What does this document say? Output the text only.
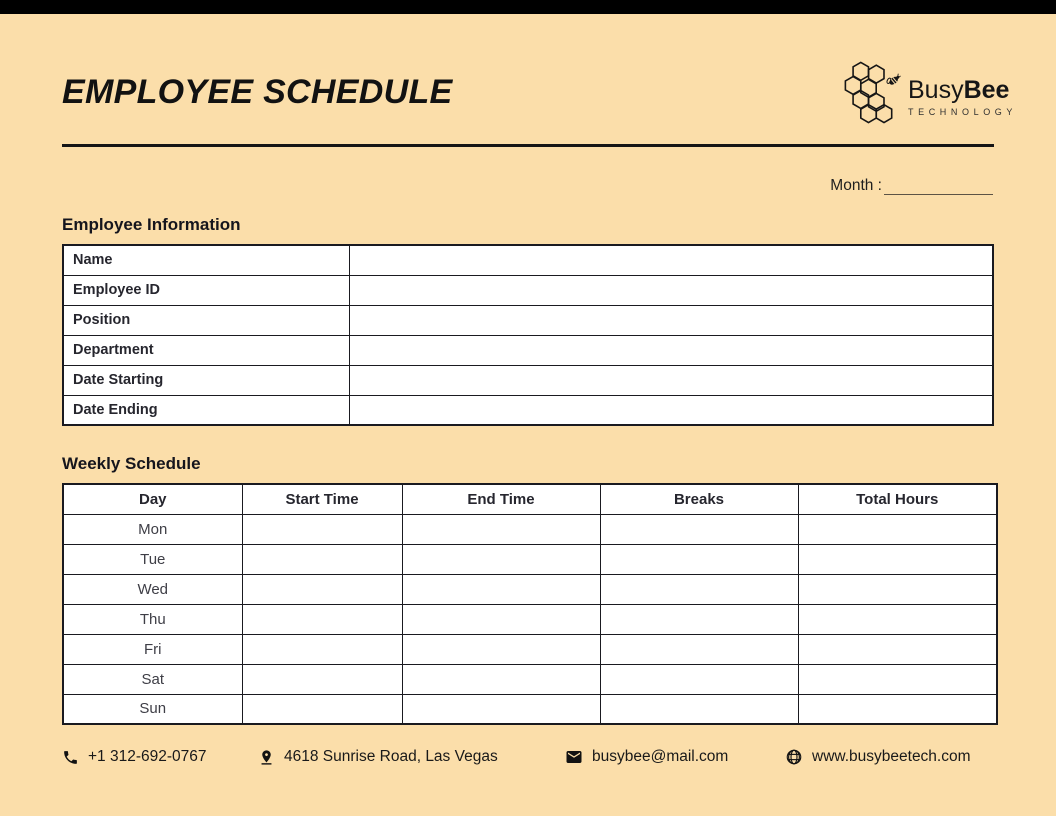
EMPLOYEE SCHEDULE	BusyBee
TECHNOLOGY
Month :
Employee Information
Name	
Employee ID	
Position	
Department	
Date Starting	
Date Ending	
Weekly Schedule
Day	Start Time	End Time	Breaks	Total Hours
Mon				
Tue				
Wed				
Thu				
Fri				
Sat				
Sun				
+1 312-692-0767	4618 Sunrise Road, Las Vegas	busybee@mail.com	www.busybeetech.com
